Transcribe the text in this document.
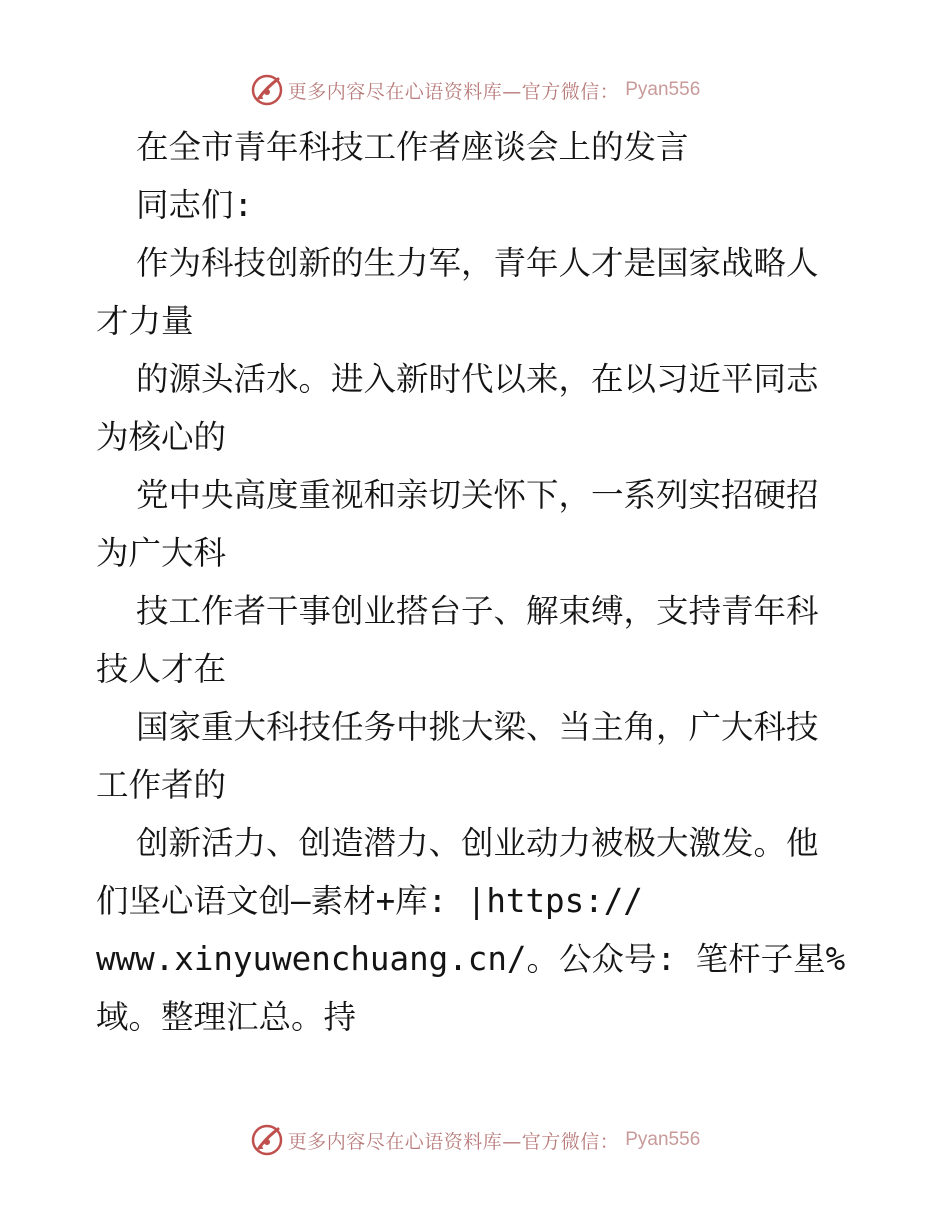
更多内容尽在心语资料库—官方微信： Pyan556
在全市青年科技工作者座谈会上的发言
同志们:
作为科技创新的生力军，青年人才是国家战略人
才力量
的源头活水。进入新时代以来，在以习近平同志
为核心的
党中央高度重视和亲切关怀下，一系列实招硬招
为广大科
技工作者干事创业搭台子、解束缚，支持青年科
技人才在
国家重大科技任务中挑大梁、当主角，广大科技
工作者的
创新活力、创造潜力、创业动力被极大激发。他
们坚心语文创—素材+库: |https://
www.xinyuwenchuang.cn/。公众号: 笔杆子星%
域。整理汇总。持
更多内容尽在心语资料库—官方微信： Pyan556
